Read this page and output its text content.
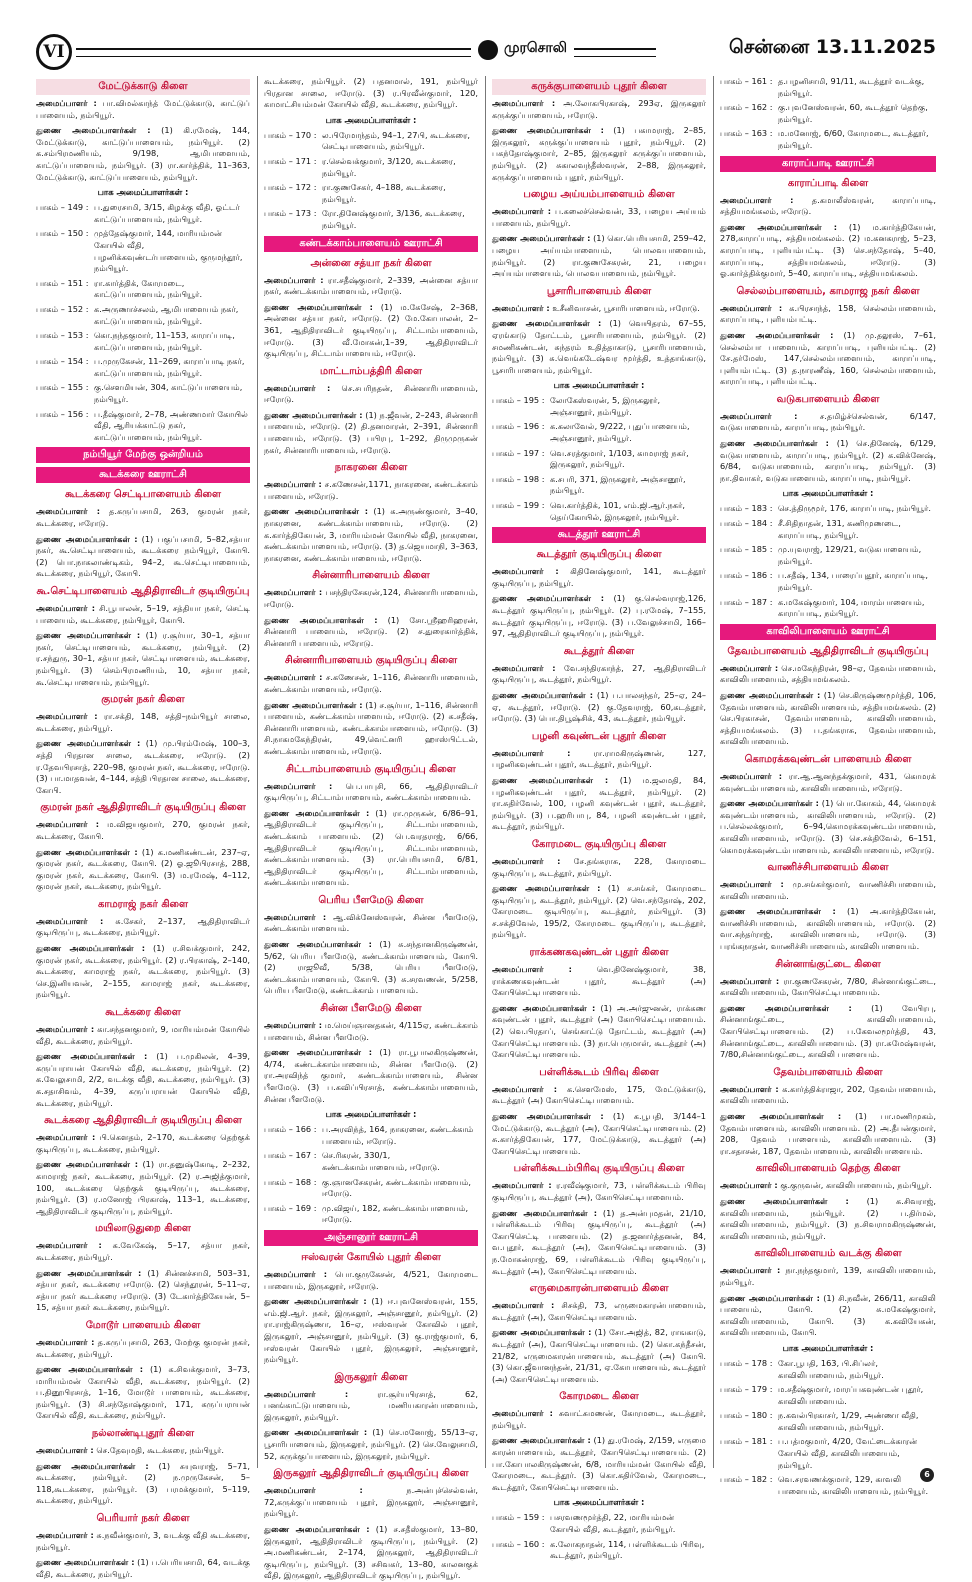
VI	முரசொலி	சென்னை 13.11.2025
மேட்டுக்காடு கிளை
அமைப்பாளர் : பா.விமல்காந்த் மேட்டுக்காடு, காட்டுப் பாளையம், நம்பியூர்.
துணை அமைப்பாளர்கள் : (1) கி.ரமேஷ், 144, மேட்டுக்காடு, காட்டுப்பாளையம், நம்பியூர். (2) க.சம்பிரமணியம், 9/198, ஆமிபாளையம், காட்டுப்பாளையம், நம்பியூர். (3) ரா.கார்த்திக், 11–363, மேட்டுக்காடு, காட்டுப்பாளையம், நம்பியூர்.
பாக அமைப்பாளர்கள் :
பாகம் – 149 : ப.துரைசாமி, 3/15, கிழக்கு வீதி, ஓட்டர் காட்டுப்பாளையம், நம்பியூர்.
பாகம் – 150 : முத்தேஷ்குமார், 144, மாரியம்மன் கோயில் வீதி, பழனிக்கவுண்டர்பாளையம், குருமந்தூர், நம்பியூர்.
பாகம் – 151 : ரா.கார்த்திக், கோரமடை, காட்டுப்பாளையம், நம்பியூர்.
பாகம் – 152 : க.அருணாச்சலம், ஆமிபாளையம் நகர், காட்டுப்பாளையம், நம்பியூர்.
பாகம் – 153 : கொ.நந்தகுமார், 11–153, காராப்பாடி, காட்டுப்பாளையம், நம்பியூர்.
பாகம் – 154 : ப.முருகேசன், 11–269, காராப்பாடி நகர், காட்டுப்பாளையம், நம்பியூர்.
பாகம் – 155 : கு.சௌமியன், 304, காட்டுப்பாளையம், நம்பியூர்.
பாகம் – 156 : ப.தீஷ்குமார், 2–78, அண்ணமார் கோயில் வீதி, ஆரியக்காட்டு நகர், காட்டுப்பாளையம், நம்பியூர்.
நம்பியூர் மேற்கு ஒன்றியம்
கூடக்கரை ஊராட்சி
கூடக்கரை செட்டிபாளையம் கிளை
அமைப்பாளர் : த.கருப்பசாமி, 263, குமரன் நகர், கூடக்கரை, ஈரோடு.
துணை அமைப்பாளர்கள் : (1) பகுப்பசாமி, 5–82,சத்யா நகர், கூ.செட்டிபாளையம், கூடக்கரை நம்பியூர், கோபி. (2) பொ.நாகலாண்டிகம், 94–2, கூ.செட்டிபாளையம், கூடக்கரை, நம்பியூர், கோபி.
கூ.செட்டிபாளையம் ஆதிதிராவிடர் குடியிருப்பு
அமைப்பாளர் : சி.பூபாலன், 5–19, சத்தியா நகர், செட்டி பாளையம், கூடக்கரை, நம்பியூர், கோபி.
துணை அமைப்பாளர்கள் : (1) ர.சூர்யா, 30–1, சத்யா நகர், செட்டிபாளையம், கூடக்கரை, நம்பியூர். (2) ர.சந்துரு, 30–1, சத்யா நகர், செட்டிபாளையம், கூடக்கரை, நம்பியூர். (3) செம்பிரமணியம், 10, சத்யா நகர், கூ.செட்டிபாளையம், நம்பியூர்.
குமரன் நகர் கிளை
அமைப்பாளர் : ரா.சக்தி, 148, சத்தி–நம்பியூர் சாலை, கூடக்கரை, நம்பியூர்.
துணை அமைப்பாளர்கள் : (1) மு.பிரம்மேஷ், 100–3, சத்தி பிரதான சாலை, கூடக்கரை, ஈரோடு. (2) ர.தேவபிரசாத், 220–98, குமரன் நகர், கூடக்கரை, ஈரோடு. (3) பா.மாதவன், 4–144, சத்தி பிரதான சாலை, கூடக்கரை, கோபி.
குமரன் நகர் ஆதிதிராவிடர் குடியிருப்பு கிளை
அமைப்பாளர் : ம.விஜயகுமார், 270, குமரன் நகர், கூடக்கரை, கோபி.
துணை அமைப்பாளர்கள் : (1) க.மணிகண்டன், 237–ஏ, குமரன் நகர், கூடக்கரை, கோபி. (2) ஓ.ஜூபிரசாத், 288, குமரன் நகர், கூடக்கரை, கோபி. (3) ம.ரமேஷ், 4–112, குமரன் நகர், கூடக்கரை, நம்பியூர்.
காமராஜ் நகர் கிளை
அமைப்பாளர் : சு.சேகர், 2–137, ஆதிதிராவிடர் குடியிருப்பு, கூடக்கரை, நம்பியூர்.
துணை அமைப்பாளர்கள் : (1) ர.சிவக்குமார், 242, குமரன் நகர், கூடக்கரை, நம்பியூர். (2) ர.பிரகாஷ், 2–140, கூடக்கரை, காமராஜ் நகர், கூடக்கரை, நம்பியூர். (3) செ.இனியவன், 2–155, காமராஜ் நகர், கூடக்கரை, நம்பியூர்.
கூடக்கரை கிளை
அமைப்பாளர் : கா.சந்தனகுமார், 9, மாரியம்மன் கோயில் வீதி, கூடக்கரை, நம்பியூர்.
துணை அமைப்பாளர்கள் : (1) ப.முகிலன், 4–39, கருப்பராயன் கோயில் வீதி, கூடக்கரை, நம்பியூர். (2) க.வேலுசாமி, 2/2, வடக்கு வீதி, கூடக்கரை, நம்பியூர். (3) க.சதாசிவம், 4–39, கருப்பராயன் கோயில் வீதி, கூடக்கரை, நம்பியூர்.
கூடக்கரை ஆதிதிராவிடர் குடியிருப்பு கிளை
அமைப்பாளர் : பி.கௌதம், 2–170, கூடக்கரை தெற்குக் குடியிருப்பு, கூடக்கரை, நம்பியூர்.
துணை அமைப்பாளர்கள் : (1) ரா.தனுஷ்கோடி, 2–232, காமராஜ் நகர், கூடக்கரை, நம்பியூர். (2) ர.அஜித்குமார், 100, கூடக்கரை தெற்குக் குடியிருப்பு, கூடக்கரை, நம்பியூர். (3) ர.மனோஜ் பிரகாஷ், 113–1, கூடக்கரை, ஆதிதிராவிடர் குடியிருப்பு, நம்பியூர்.
மயிலாடுதுறை கிளை
அமைப்பாளர் : க.வேகேஷ், 5–17, சத்யா நகர், கூடக்கரை, நம்பியூர்.
துணை அமைப்பாளர்கள் : (1) சின்னச்சாமி, 503–31, சத்யா நகர், கூடக்கரை ஈரோடு. (2) செந்தூரன், 5–11–ஏ, சத்யா நகர் கூடக்கரை ஈரோடு. (3) டேகார்த்திகேயன், 5–15, சத்யா நகர் கூடக்கரை, நம்பியூர்.
மோடூர் பாளையம் கிளை
அமைப்பாளர் : த.கருப்புசாமி, 263, மேற்கு குமரன் நகர், கூடக்கரை, நம்பியூர்.
துணை அமைப்பாளர்கள் : (1) க.சிவக்குமார், 3–73, மாரியம்மன் கோயில் வீதி, கூடக்கரை, நம்பியூர். (2) ப.தினூபிரசாத், 1–16, மோடூர் பாளையம், கூடக்கரை, நம்பியூர். (3) சி.சந்தோஷ்குமார், 171, கருப்பராயன் கோயில் வீதி, கூடக்கரை, நம்பியூர்.
நல்லாண்டிபுதூர் கிளை
அமைப்பாளர் : செ.தேவுமதி, கூடக்கரை, நம்பியூர்.
துணை அமைப்பாளர்கள் : (1) சுயுவராஜ், 5–71, கூடக்கரை, நம்பியூர். (2) ந.முருகேசன், 5–118,கூடக்கரை, நம்பியூர். (3) பரமக்குமார், 5–119, கூடக்கரை, நம்பியூர்.
பெரியார் நகர் கிளை
அமைப்பாளர் : சு.நவீன்குமார், 3, வடக்கு வீதி கூடக்கரை, நம்பியூர்.
துணை அமைப்பாளர்கள் : (1) ப.பெரியசாமி, 64, வடக்கு வீதி, கூடக்கரை, நம்பியூர்.
கூடக்கரை, நம்பியூர். (2) பதனமால், 191, நம்பியூர் பிரதான சாலை, ஈரோடு. (3) ர.பிரவீன்குமார், 120, காமாட்சியம்மன் கோயில் வீதி, கூடக்கரை, நம்பியூர்.
பாக அமைப்பாளர்கள் :
பாகம் – 170 : ல.பிரேமாந்தம், 94–1, 27பி, கூடக்கரை, செட்டிபாளையம், நம்பியூர்.
பாகம் – 171 : ர.செல்வக்குமார், 3/120, கூடக்கரை, நம்பியூர்.
பாகம் – 172 : ரா.குணசேகர், 4–188, கூடக்கரை, நம்பியூர்.
பாகம் – 173 : ரோ.தினேஷ்குமார், 3/136, கூடக்கரை, நம்பியூர்.
கண்டக்காம்பாளையம் ஊராட்சி
அன்னை சத்யா நகர் கிளை
அமைப்பாளர் : ரா.சதீஷ்குமார், 2–339, அன்னை சத்யா நகர், கண்டக்காம்பாளையம், ஈரோடு.
துணை அமைப்பாளர்கள் : (1) ம.கேசேஷ், 2–368, அன்னை சத்யா நகர், ஈரோடு. (2) மே.கோபாலன், 2–361, ஆதிதிராவிடர் குடியிருப்பு, சிட்டாம்பாளையம், ஈரோடு. (3) வீ.மோகன்,1–39, ஆதிதிராவிடர் குடியிருப்பு, சிட்டாம்பாளையம், ஈரோடு.
மாட்டாம்பத்திரி கிளை
அமைப்பாளர் : செ.சபரிநதன், சின்னாரிபாளையம், ஈரோடு.
துணை அமைப்பாளர்கள் : (1) ந.ஜீவன், 2–243, சின்னாரி பாளையம், ஈரோடு. (2) தி.தனமாரன், 2–391, சின்னாரி பாளையம், ஈரோடு. (3) பபிரபு, 1–292, திருமுருகன் நகர், சின்னாரிபாளையம், ஈரோடு.
நாகரனை கிளை
அமைப்பாளர் : ச.கணேசன்,1171, நாகரனை, கண்டக்காம் பாளையம், ஈரோடு.
துணை அமைப்பாளர்கள் : (1) க.அருண்குமார், 3–40, நாகரனை, கண்டக்காம்பாளையம், ஈரோடு. (2) க.கார்த்திகேயன், 3, மாரியம்மன் கோயில் வீதி, நாகரனை, கண்டக்காம்பாளையம், ஈரோடு. (3) த.ஜெயமாநி, 3–363, நாகரனை, கண்டக்காம்பாளையம், ஈரோடு.
சின்னாரிபாளையம் கிளை
அமைப்பாளர் : பசந்திரசேகரன்,124, சின்னாரிபாளையம், ஈரோடு.
துணை அமைப்பாளர்கள் : (1) சோ.ஸ்ரீஹரிஹரன், சின்னாரி பாளையம், ஈரோடு. (2) ச.துரைகார்த்திக், சின்னாரி பாளையம், ஈரோடு.
சின்னாரிபாளையம் குடியிருப்பு கிளை
அமைப்பாளர் : ச.கணேசன், 1–116, சின்னாரிபாளையம், கண்டக்காம்பாளையம், ஈரோடு.
துணை அமைப்பாளர்கள் : (1) ச.சூர்யா, 1–116, சின்னாரி பாளையம், கண்டக்காம்பாளையம், ஈரோடு. (2) க.சதீஷ், சின்னாரிபாளையம், கண்டக்காம்பாளையம், ஈரோடு. (3) சி.நாகமகேந்திரன், 49,வெட்னரி ஹாஸ்பிட்டல், கண்டக்காம்பாளையம், ஈரோடு.
சிட்டாம்பாளையம் குடியிருப்பு கிளை
அமைப்பாளர் : பெ.பாபுசி, 66, ஆதிதிராவிடர் குடியிருப்பு, சிட்டாம்பாளையம், கண்டக்காம்பாளையம்.
துணை அமைப்பாளர்கள் : (1) ரா.முருகன், 6/86–91, ஆதிதிராவிடர் குடியிருப்பு, சிட்டாம்பாளையம், கண்டக்காம் பாளையம். (2) பெ.வரதராஜ், 6/66, ஆதிதிராவிடர் குடியிருப்பு, சிட்டாம்பாளையம், கண்டக்காம்பாளையம். (3) ரா.பெரியசாமி, 6/81, ஆதிதிராவிடர் குடியிருப்பு, சிட்டாம்பாளையம், கண்டக்காம்பாளையம்.
பெரிய பீளமேடு கிளை
அமைப்பாளர் : ஆ.விக்னேஸ்வரன், சின்ன பீளமேடு, கண்டக்காம்பாளையம்.
துணை அமைப்பாளர்கள் : (1) சு.சந்தானகிருஷ்ணன், 5/62, பெரிய பீளமேடு, கண்டக்காம்பாளையம், கோபி. (2) ராஜூவீ, 5/38, பெரிய பீளமேடு, கண்டக்காம்பாளையம், கோபி. (3) சு.சரவணன், 5/258, பெரிய பீளமேடு, கண்டக்காம் பாளையம்.
சின்ன பீளமேடு கிளை
அமைப்பாளர் : ம.மெய்ஞானதகன், 4/115ஏ, கண்டக்காம் பாளையம், சின்ன பீளமேடு.
துணை அமைப்பாளர்கள் : (1) ரா.பூபாலகிருஷ்ணன், 4/74, கண்டக்காம்பாளையம், சின்ன பீளமேடு. (2) ரா.அரவிந்த் குமார், கண்டக்காம்பாளையம், சின்ன பீளமேடு. (3) ப.கவிப்பிரசாத், கண்டக்காம்பாளையம், சின்ன பீளமேடு.
பாக அமைப்பாளர்கள் :
பாகம் – 166 : ப.அரவிந்த், 164, நாகரனை, கண்டக்காம் பாளையம், ஈரோடு.
பாகம் – 167 : செ.ரிகரன், 330/1, கண்டக்காம்பாளையம், ஈரோடு.
பாகம் – 168 : கு.ஞானசேகரன், கண்டக்காம்பாளையம், ஈரோடு.
பாகம் – 169 : மு.விஜய், 182, கண்டக்காம்பாளையம், ஈரோடு.
அஞ்சானூர் ஊராட்சி
ஈஸ்வரன் கோயில் புதூர் கிளை
அமைப்பாளர் : பொ.குருகேசன், 4/521, கோரமடை பாளையம், இருகலூர், ஈரோடு.
துணை அமைப்பாளர்கள் : (1) ஈ.புவனேஸ்வரன், 155, எம்.ஜி.ஆர். நகர், இருகலூர், அஞ்சானூர், நம்பியூர். (2) ரா.ராஜ்கிருஷ்ணா, 16–ஏ, ஈஸ்வரன் கோவில் புதூர், இருகலூர், அஞ்சானூர், நம்பியூர். (3) கு.ராஜ்குமார், 6, ஈஸ்வரன் கோயில் புதூர், இருகலூர், அஞ்சானூர், நம்பியூர்.
இருகலூர் கிளை
அமைப்பாளர் :	ரா.சூர்யபிரசாத், 62, பனங்காட்டுபாளையம், மணியகாரன்பாளையம், இருகலூர், நம்பியூர்.
துணை அமைப்பாளர்கள் : (1) செ.மனோஜ், 55/13–ஏ, பூசாரிபாளையம், இருகலூர், நம்பியூர். (2) செ.வேலுசாமி, 52, கருக்குப்பாளையம், இருகலூர், நம்பியூர்.
இருகலூர் ஆதிதிராவிடர் குடியிருப்பு கிளை
அமைப்பாளர் :	ந.அன்புச்செல்வன், 72,கருக்குப்பாளையம் புதூர், இருகலூர், அஞ்சானூர், நம்பியூர்.
துணை அமைப்பாளர்கள் : (1) ச.சதீஸ்குமார், 13–80, இருகலூர், ஆதிதிராவிடர் குடியிருப்பு, நம்பியூர். (2) அ.மணிகண்டன், 2–174, இருகலூர், ஆதிதிராவிடர் குடியிருப்பு, நம்பியூர். (3) சசிவகர், 13–80, காலனகுக் வீதி, இருகலூர், ஆதிதிராவிடர் குடியிருப்பு, நம்பியூர்.
கருக்குபாளையம் புதூர் கிளை
அமைப்பாளர் : அ.லோகபிரகாஷ், 293ஏ, இருகலூர் கருக்குப்பாளையம், ஈரோடு.
துணை அமைப்பாளர்கள் : (1) பகாமராஜ், 2–85, இருகலூர், கருக்குப்பாளையம் புதூர், நம்பியூர். (2) பகந்தோஷ்குமார், 2–85, இருகலூர் கருக்குப்பாளையம், நம்பியூர். (2) சுகாலவந்தீஸ்வரன், 2–88, இருகலூர், கருக்குப்பாளையம் புதூர், நம்பியூர்.
பழைய அய்யம்பாளையம் கிளை
அமைப்பாளர் : ப.கலைச்செல்வன், 33, பழைய அய்யம் பாளையம், நம்பியூர்.
துணை அமைப்பாளர்கள் : (1) கொ.பெரியசாமி, 259–42, பழைய அய்யம்பாளையம், பொலவபாளையம், நம்பியூர். (2) ரா.குணசேகரன், 21, பழைய அய்யம்பாளையம், பொலவபாளையம், நம்பியூர்.
பூசாரிபாளையம் கிளை
அமைப்பாளர் : உசீனிவாசன், பூசாரிபாளையம், ஈரோடு.
துணை அமைப்பாளர்கள் : (1) வெயிதரம், 67–55, ஏரங்காடு தோட்டம், பூசாரிபாளையம், நம்பியூர். (2) சமணிகண்டன், சுந்தரம் உதித்தாகாடு, பூசாரிபாளையம், நம்பியூர். (3) சு.வெங்கடேஷ்வர மூர்த்தி, உத்தாங்காடு, பூசாரிபாளையம், நம்பியூர்.
பாக அமைப்பாளர்கள் :
பாகம் – 195 : லோகேஸ்வரன், 5, இருகலூர், அஞ்சானூர், நம்பியூர்.
பாகம் – 196 : க.கலாவேல், 9/222, புதுப்பாளையம், அஞ்சானூர், நம்பியூர்.
பாகம் – 197 : வெ.சரத்குமார், 1/103, காமராஜ் நகர், இருகலூர், நம்பியூர்.
பாகம் – 198 : க.சபரி, 371, இருகலூர், அஞ்சானூர், நம்பியூர்.
பாகம் – 199 : வெ.கார்த்திக், 101, எம்.ஜி.ஆர்.நகர், தெய்கோயில், இருகலூர், நம்பியூர்.
கூடத்தூர் ஊராட்சி
கூடத்தூர் குடியிருப்பு கிளை
அமைப்பாளர் : கிதினேஷ்குமார், 141, கூடத்தூர் குடியிருப்பு, நம்பியூர்.
துணை அமைப்பாளர்கள் : (1) கு.செல்வராஜ்,126, கூடத்தூர் குடியிருப்பு, நம்பியூர். (2) பு.ரமேஷ், 7–155, கூடத்தூர் குடியிருப்பு, ஈரோடு. (3) ப.வேலுச்சாமி, 166–97, ஆதிதிராவிடர் குடியிருப்பு, நம்பியூர்.
கூடத்தூர் கிளை
அமைப்பாளர் : வே.சந்திரகாந்த், 27, ஆதிதிராவிடர் குடியிருப்பு, கூடத்தூர், நம்பியூர்.
துணை அமைப்பாளர்கள் : (1) ப.பாலசந்தர், 25–ஏ, 24–ஏ, கூடத்தூர், ஈரோடு. (2) கு.தேவராஜ், 60,கடத்தூர், ஈரோடு. (3) பொ.திபூஷ்சிக், 43, கூடத்தூர், நம்பியூர்.
பழனி கவுண்டன் புதூர் கிளை
அமைப்பாளர் :	ரா.ராமகிருஷ்ணன், 127, பழனிகவுண்டன் புதூர், கூடத்தூர், நம்பியூர்.
துணை அமைப்பாளர்கள் : (1) ம.ஜலமதி, 84, பழனிகவுண்டன் புதூர், கூடத்தூர், நம்பியூர். (2) ரா.சுதிர்வேல், 100, பழனி கவுண்டன் புதூர், கூடத்தூர், நம்பியூர். (3) ப.ஹரிபாபு, 84, பழனி கவுண்டன் புதூர், கூடத்தூர், நம்பியூர்.
கோரமடை குடியிருப்பு கிளை
அமைப்பாளர் : சே.தங்கராசு, 228, கோரமடை குடியிருப்பு, கூடத்தூர், நம்பியூர்.
துணை அமைப்பாளர்கள் : (1) ச.சங்கர், கோரமடை குடியிருப்பு, கூடத்தூர், நம்பியூர். (2) வெ.சந்தோஷ், 202, கோரமடை குடியிருப்பு, கூடத்தூர், நம்பியூர். (3) ச.சக்திவேல், 195/2, கோரமடை குடியிருப்பு, கூடத்தூர், நம்பியூர்.
ராக்கணகவுண்டன் புதூர் கிளை
அமைப்பாளர் :	வெ.தினேஷ்குமார், 38, ராக்கணகவுண்டன் புதூர், கூடத்தூர் (அ) கோபிசெட்டிபாளையம்.
துணை அமைப்பாளர்கள் : (1) அ.அர்ஜுனன், ராக்கண கவுண்டன் புதூர், கூடத்தூர் (அ) கோபிசெட்டிபாளையம். (2) வெ.பிரதாப், செங்காட்டு தோட்டம், கூடத்தூர் (அ) கோபிசெட்டிபாளையம். (3) நா.பெருமாள், கூடத்தூர் (அ) கோபிசெட்டிபாளையம்.
பள்ளிக்கூடம் பிரிவு கிளை
அமைப்பாளர் : க.சௌமேஸ், 175, மேட்டுக்காடு, கூடத்தூர் (அ) கோபிசெட்டிபாளையம்.
துணை அமைப்பாளர்கள் : (1) க.பூபதி, 3/144–1 மேட்டுக்காடு, கூடத்தூர் (அ), கோபிசெட்டிபாளையம். (2) சு.கார்த்திகேயன், 177, மேட்டுக்காடு, கூடத்தூர் (அ) கோபிசெட்டிபாளையம்.
பள்ளிக்கூடம்பிரிவு குடியிருப்பு கிளை
அமைப்பாளர் : ர.ரவீஷ்குமார், 73, பள்ளிக்கூடம் பிரிவு குடியிருப்பு, கூடத்தூர் (அ), கோபிசெட்டிபாளையம்.
துணை அமைப்பாளர்கள் : (1) த.அன்புமதன், 21/10, பள்ளிக்கூடம் பிரிவு குடியிருப்பு, கூடத்தூர் (அ) கோபிசெட்டி பாளையம். (2) த.ஜனார்த்தனன், 84, வ.புதூர், கூடத்தூர் (அ), கோபிசெட்டிபாளையம். (3) ந.மோகன்ராஜ், 69, பள்ளிக்கூடம் பிரிவு குடியிருப்பு, கூடத்தூர் (அ), கோபிசெட்டிபாளையம்.
எருமைகாரன்பாளையம் கிளை
அமைப்பாளர் : சிசக்தி, 73, எருமைகாரன்பாளையம், கூடத்தூர் (அ), கோபிசெட்டிபாளையம்.
துணை அமைப்பாளர்கள் : (1) சோ.அஜித், 82, ராஙகாடு, கூடத்தூர் (அ), கோபிசெட்டிபாளையம். (2) கொ.கந்தீசன், 21/82, எருமைகாரன்பாளையம், கூடத்தூர் (அ) கோபி. (3) கொ.ஜீவானந்தன், 21/31, ஏ.கோபாளையம், கூடத்தூர் (அ) கோபிசெட்டிபாளையம்.
கோரமடை கிளை
அமைப்பாளர் : சுவாட்சுமணன், கோரமடை, கூடத்தூர், நம்பியூர்.
துணை அமைப்பாளர்கள் : (1) து.ரமேஷ், 2/159, எருமை காரன்பாளையம், கூடத்தூர், கோபிசெட்டிபாளையம். (2) பா.கோபாலகிருஷ்ணன், 6/8, மாரியம்மன் கோயில் வீதி, கோரமடை, கூடத்தூர். (3) கொ.கதிர்வேல், கோரமடை, கூடத்தூர், கோபிசெட்டிபாளையம்.
பாக அமைப்பாளர்கள் :
பாகம் – 159 : பசரவணமூர்த்தி, 22, மாரியம்மன் கோயில் வீதி, கூடத்தூர், நம்பியூர்.
பாகம் – 160 : க.லோகநாதன், 114, பள்ளிக்கூடம் பிரிவு, கூடத்தூர், நம்பியூர்.
பாகம் – 161 : த.பழனிசாமி, 91/11, கூடத்தூர் வடக்கு, நம்பியூர்.
பாகம் – 162 : கு.புவனேஸ்வரன், 60, கூடத்தூர் தெற்கு, நம்பியூர்.
பாகம் – 163 : ம.மனோஜ், 6/60, கோரமடை, கூடத்தூர், நம்பியூர்.
காராப்பாடி ஊராட்சி
காராப்பாடி கிளை
அமைப்பாளர் : த.கமாலீஸ்வரன், காராப்பாடி, சத்தியமங்கலம், ஈரோடு.
துணை அமைப்பாளர்கள் : (1) ம.கார்த்திகேயன், 278,காராப்பாடி, சத்தியமங்கலம். (2) ம.கனகராஜ், 5–23, காராப்பாடி, புளியம்பட்டி. (3) செ.சந்தோஷ், 5–40, காராப்பாடி, சத்தியமங்கலம், ஈரோடு. (3) ஓ.கார்த்திக்குமார், 5–40, காராப்பாடி, சத்தியமங்கலம்.
செல்லம்பாளையம், காமராஜ நகர் கிளை
அமைப்பாளர் : க.பிரசாந்த், 158, செல்லம்பாளையம், காராப்பாடி, புளியம்பட்டி.
துணை அமைப்பாளர்கள் : (1) மு.தலூஸ், 7–61, செல்லம்பா பாளையம், காராப்பாடி, புளியம்பட்டி. (2) சே.தர்மேஸ், 147,செல்லம்பாளையம், காராப்பாடி, புளியம்பட்டி. (3) த.நாரணீஷ், 160, செல்லம்பாளையம், காராப்பாடி, புளியம்பட்டி.
வடுகபாளையம் கிளை
அமைப்பாளர் :	ச.தமிழ்ச்செல்வன், 6/147, வடுகபாளையம், காராப்பாடி, நம்பியூர்.
துணை அமைப்பாளர்கள் : (1) செ.தினேஷ், 6/129, வடுகபாளையம், காராப்பாடி, நம்பியூர். (2) க.விக்னேஷ், 6/84, வடுகபாளையம், காராப்பாடி, நம்பியூர். (3) நா.திவாகர், வடுகபாளையம், காராப்பாடி, நம்பியூர்.
பாக அமைப்பாளர்கள் :
பாகம் – 183 : செ.த்திருமூர், 176, காராப்பாடி, நம்பியூர்.
பாகம் – 184 : சீ.சிதிநாதன், 131, கணிமுணடை, காராப்பாடி, நம்பியூர்.
பாகம் – 185 : மு.யுவராஜ், 129/21, வடுகபாளையம், நம்பியூர்.
பாகம் – 186 : ப.சதீஷ், 134, பாரைப்புதூர், காராப்பாடி, நம்பியூர்.
பாகம் – 187 : க.மகேஷ்குமார், 104, மாரம்பாளையம், காராப்பாடி, நம்பியூர்.
காவிலிபாளையம் ஊராட்சி
தேவம்பாளையம் ஆதிதிராவிடர் குடியிருப்பு
அமைப்பாளர் : செ.மகேந்திரன், 98–ஏ, தேவம்பாளையம், காவிலிபாளையம், சத்தியமங்கலம்.
துணை அமைப்பாளர்கள் : (1) செ.கிருஷ்ணமூர்த்தி, 106, தேவம்பாளையம், காவிலிபாளையம், சத்தியமங்கலம். (2) செ.பிரகாசன், தேவம்பாளையம், காவிலிபாளையம், சத்தியமங்கலம். (3) ப.தங்கராசு, தேவம்பாளையம், காவிலிபாளையம்.
கொமரக்கவுண்டன் பாளையம் கிளை
அமைப்பாளர் : ரா.ஆ.ஆனந்தக்குமார், 431, கொமரக் கவுண்டம்பாளையம், காவிலிபாளையம், ஈரோடு.
துணை அமைப்பாளர்கள் : (1) பொ.கோகம், 44, கொமரக் கவுண்டம்பாளையம், காவிலிபாளையம், ஈரோடு. (2) ப.செல்லக்குமார், 6–94,கொமரக்கவுண்டம்பாளையம், காவிலிபாளையம், ஈரோடு. (3) செ.சக்திவேல், 6–151, கொமரக்கவுண்டம்பாளையம், காவிலிபாளையம், ஈரோடு.
வாணிச்சிபாளையம் கிளை
அமைப்பாளர் : மு.சங்கர்குமார், வாணிச்சிபாளையம், காவிலிபாளையம்.
துணை அமைப்பாளர்கள் : (1) அ.கார்த்திகேயன், வாணிச்சிபாளையம், காவிலிபாளையம், ஈரோடு. (2) வா.சுந்தர்ராஜ், காவிலிபாளையம், ஈரோடு. (3) பரங்கநாதன், வாணிச்சிபாளையம், காவிலிபாளையம்.
சின்னாங்குட்டை கிளை
அமைப்பாளர் : ரா.குணசேகரன், 7/80, சின்னாங்குட்டை, காவிலிபாளையம், கோபிசெட்டிபாளையம்.
துணை அமைப்பாளர்கள் : (1) வேபிரபு, சின்னாங்குட்டை, காவிலிபாளையம், கோபிசெட்டிபாளையம். (2) ப.கேவலமூர்த்தி, 43, சின்னாங்குட்டை, காவிலிபாளையம். (3) ரா.சுமேஷ்வரன், 7/80,சின்னாங்குட்டை, காவிலி பாளையம்.
தேவம்பாளையம் கிளை
அமைப்பாளர் : க.கார்த்திக்ராஜா, 202, தேவம்பாளையம், காவிலிபாளையம்.
துணை அமைப்பாளர்கள் : (1) பா.மணிமுகம், தேவம்பாளையம், காவிலிபாளையம். (2) அ.தீபன்குமார், 208, தேவம் பாளையம், காவிலிபாளையம். (3) ரா.சதாசன், 187, தேவம்பாளையம், காவிலிபாளையம்.
காவிலிபாளையம் தெற்கு கிளை
அமைப்பாளர் : கு.குருவன், காவிலிபாளையம், நம்பியூர்.
துணை அமைப்பாளர்கள் : (1) க.சிவராஜ், காவிலிபாளையம், நம்பியூர். (2) ப.திர்மல், காவிலிபாளையம், நம்பியூர். (3) ந.சிவராமகிருஷ்ணன், காவிலிபாளையம், நம்பியூர்.
காவிலிபாளையம் வடக்கு கிளை
அமைப்பாளர் : நா.நந்தகுமார், 139, காவிலிபாளையம், நம்பியூர்.
துணை அமைப்பாளர்கள் : (1) சி.நவீன், 266/11, காவிலி பாளையம், கோபி. (2) சு.மகேஷ்குமார், காவிலிபாளையம், கோபி. (3) க.கவியேகன், காவிலிபாளையம், கோபி.
பாக அமைப்பாளர்கள் :
பாகம் – 178 : கோ.பூபதி, 163, பி.சிப்லர், காவிலிபாளையம், நம்பியூர்.
பாகம் – 179 : ம.சதீஷ்குமார், மாரப்பகவுண்டன் புதூர், காவிலிபாளையம்.
பாகம் – 180 : ந.கவல்பிரகாசர், 1/29, அண்ணா வீதி, காவிலிபாளையம், நம்பியூர்.
பாகம் – 181 : ப.பத்மகுமார், 4/20, வேட்டைக்காரன் கோயில் வீதி, காவிலிபாளையம், நம்பியூர்.
பாகம் – 182 : வெ.சரவணக்குமார், 129, காவலி பாளையம், காவிலிபாளையம், நம்பியூர்.
6
